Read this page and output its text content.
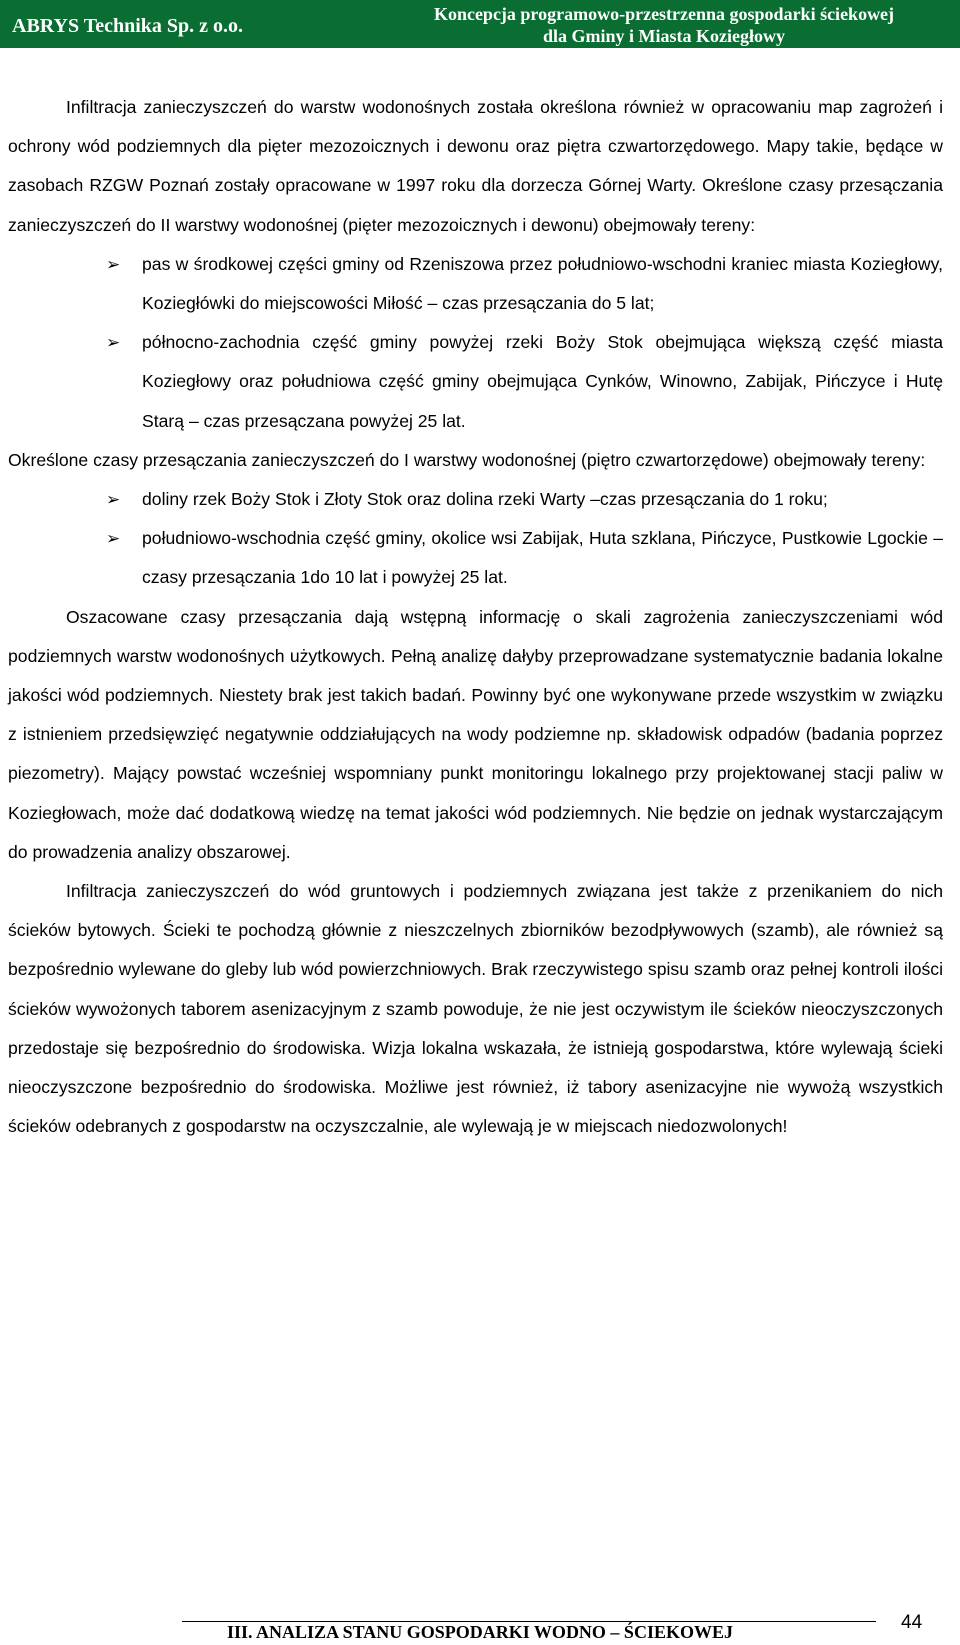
ABRYS Technika Sp. z o.o.
Koncepcja programowo-przestrzenna gospodarki ściekowej
dla Gminy i Miasta Koziegłowy

Infiltracja zanieczyszczeń do warstw wodonośnych została określona również w opracowaniu map zagrożeń i ochrony wód podziemnych dla pięter mezozoicznych i dewonu oraz piętra czwartorzędowego. Mapy takie, będące w zasobach RZGW Poznań zostały opracowane w 1997 roku dla dorzecza Górnej Warty. Określone czasy przesączania zanieczyszczeń do II warstwy wodonośnej (pięter mezozoicznych i dewonu) obejmowały tereny:

➢ pas w środkowej części gminy od Rzeniszowa przez południowo-wschodni kraniec miasta Koziegłowy, Koziegłówki do miejscowości Miłość – czas przesączania do 5 lat;
➢ północno-zachodnia część gminy powyżej rzeki Boży Stok obejmująca większą część miasta Koziegłowy oraz południowa część gminy obejmująca Cynków, Winowno, Zabijak, Pińczyce i Hutę Starą – czas przesączana powyżej 25 lat.

Określone czasy przesączania zanieczyszczeń do I warstwy wodonośnej (piętro czwartorzędowe) obejmowały tereny:

➢ doliny rzek Boży Stok i Złoty Stok oraz dolina rzeki Warty –czas przesączania do 1 roku;
➢ południowo-wschodnia część gminy, okolice wsi Zabijak, Huta szklana, Pińczyce, Pustkowie Lgockie – czasy przesączania 1do 10 lat i powyżej 25 lat.

Oszacowane czasy przesączania dają wstępną informację o skali zagrożenia zanieczyszczeniami wód podziemnych warstw wodonośnych użytkowych. Pełną analizę dałyby przeprowadzane systematycznie badania lokalne jakości wód podziemnych. Niestety brak jest takich badań. Powinny być one wykonywane przede wszystkim w związku z istnieniem przedsięwzięć negatywnie oddziałujących na wody podziemne np. składowisk odpadów (badania poprzez piezometry). Mający powstać wcześniej wspomniany punkt monitoringu lokalnego przy projektowanej stacji paliw w Koziegłowach, może dać dodatkową wiedzę na temat jakości wód podziemnych. Nie będzie on jednak wystarczającym do prowadzenia analizy obszarowej.

Infiltracja zanieczyszczeń do wód gruntowych i podziemnych związana jest także z przenikaniem do nich ścieków bytowych. Ścieki te pochodzą głównie z nieszczelnych zbiorników bezodpływowych (szamb), ale również są bezpośrednio wylewane do gleby lub wód powierzchniowych. Brak rzeczywistego spisu szamb oraz pełnej kontroli ilości ścieków wywożonych taborem asenizacyjnym z szamb powoduje, że nie jest oczywistym ile ścieków nieoczyszczonych przedostaje się bezpośrednio do środowiska. Wizja lokalna wskazała, że istnieją gospodarstwa, które wylewają ścieki nieoczyszczone bezpośrednio do środowiska. Możliwe jest również, iż tabory asenizacyjne nie wywożą wszystkich ścieków odebranych z gospodarstw na oczyszczalnie, ale wylewają je w miejscach niedozwolonych!

III. ANALIZA STANU GOSPODARKI WODNO – ŚCIEKOWEJ	44
